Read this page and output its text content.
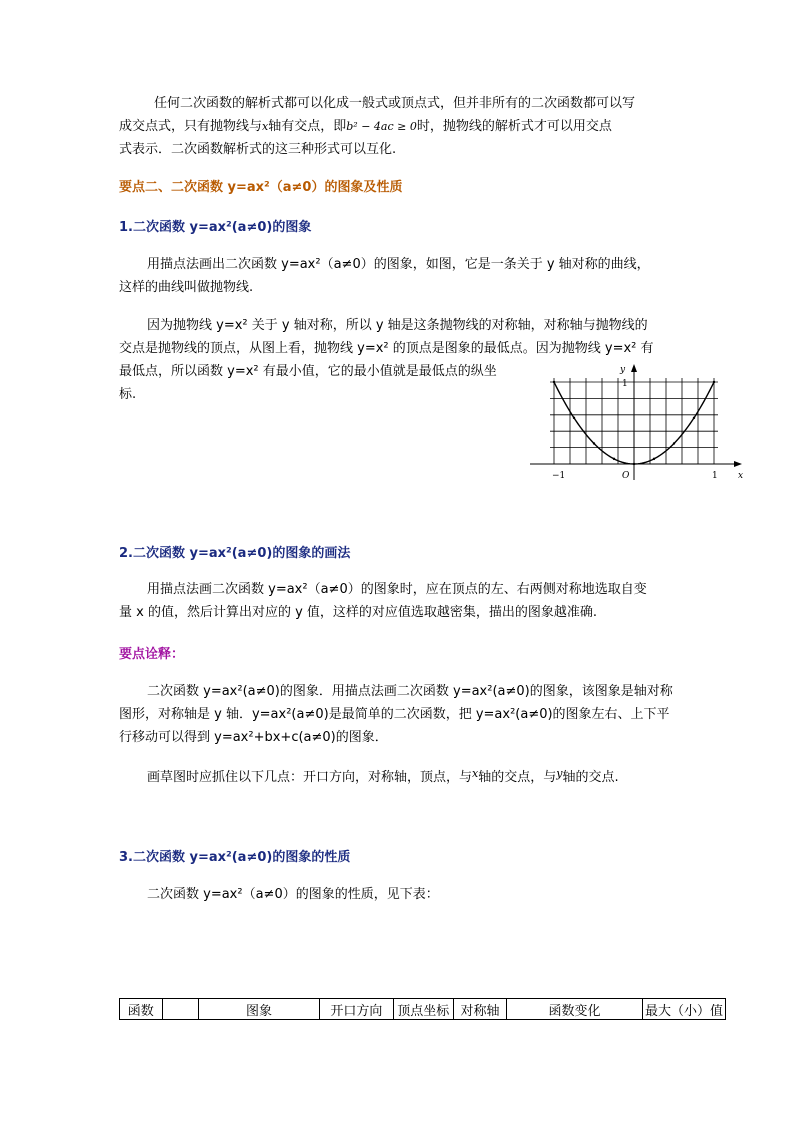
任何二次函数的解析式都可以化成一般式或顶点式，但并非所有的二次函数都可以写
成交点式，只有抛物线与x轴有交点，即b² − 4ac ≥ 0时，抛物线的解析式才可以用交点
式表示．二次函数解析式的这三种形式可以互化.
要点二、二次函数 y=ax²（a≠0）的图象及性质
1.二次函数 y=ax²(a≠0)的图象
用描点法画出二次函数 y=ax²（a≠0）的图象，如图，它是一条关于 y 轴对称的曲线，
这样的曲线叫做抛物线.
因为抛物线 y=x² 关于 y 轴对称，所以 y 轴是这条抛物线的对称轴，对称轴与抛物线的
交点是抛物线的顶点，从图上看，抛物线 y=x² 的顶点是图象的最低点。因为抛物线 y=x² 有
最低点，所以函数 y=x² 有最小值，它的最小值就是最低点的纵坐
标.
y
x
1
−1	O	1
2.二次函数 y=ax²(a≠0)的图象的画法
用描点法画二次函数 y=ax²（a≠0）的图象时，应在顶点的左、右两侧对称地选取自变
量 x 的值，然后计算出对应的 y 值，这样的对应值选取越密集，描出的图象越准确.
要点诠释：
二次函数 y=ax²(a≠0)的图象．用描点法画二次函数 y=ax²(a≠0)的图象，该图象是轴对称
图形，对称轴是 y 轴．y=ax²(a≠0)是最简单的二次函数，把 y=ax²(a≠0)的图象左右、上下平
行移动可以得到 y=ax²+bx+c(a≠0)的图象．
画草图时应抓住以下几点：开口方向，对称轴，顶点，与$^x$轴的交点，与$^y$轴的交点.
3.二次函数 y=ax²(a≠0)的图象的性质
二次函数 y=ax²（a≠0）的图象的性质，见下表：
函数		图象	开口方向	顶点坐标	对称轴	函数变化	最大（小）值
